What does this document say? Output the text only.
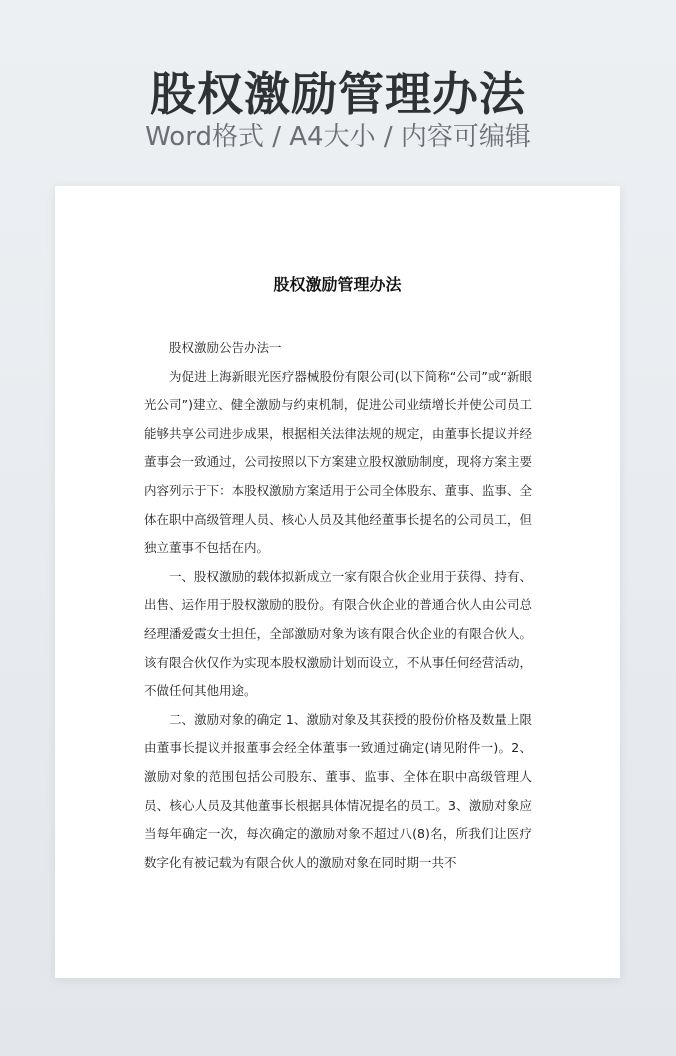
股权激励管理办法
Word格式 / A4大小 / 内容可编辑
股权激励管理办法

股权激励公告办法一

为促进上海新眼光医疗器械股份有限公司(以下简称“公司”或“新眼光公司”)建立、健全激励与约束机制，促进公司业绩增长并使公司员工能够共享公司进步成果，根据相关法律法规的规定，由董事长提议并经董事会一致通过，公司按照以下方案建立股权激励制度，现将方案主要内容列示于下：本股权激励方案适用于公司全体股东、董事、监事、全体在职中高级管理人员、核心人员及其他经董事长提名的公司员工，但独立董事不包括在内。

一、股权激励的载体拟新成立一家有限合伙企业用于获得、持有、出售、运作用于股权激励的股份。有限合伙企业的普通合伙人由公司总经理潘爱霞女士担任，全部激励对象为该有限合伙企业的有限合伙人。该有限合伙仅作为实现本股权激励计划而设立，不从事任何经营活动，不做任何其他用途。

二、激励对象的确定 1、激励对象及其获授的股份价格及数量上限由董事长提议并报董事会经全体董事一致通过确定(请见附件一)。2、激励对象的范围包括公司股东、董事、监事、全体在职中高级管理人员、核心人员及其他董事长根据具体情况提名的员工。3、激励对象应当每年确定一次，每次确定的激励对象不超过八(8)名，所我们让医疗数字化有被记载为有限合伙人的激励对象在同时期一共不
